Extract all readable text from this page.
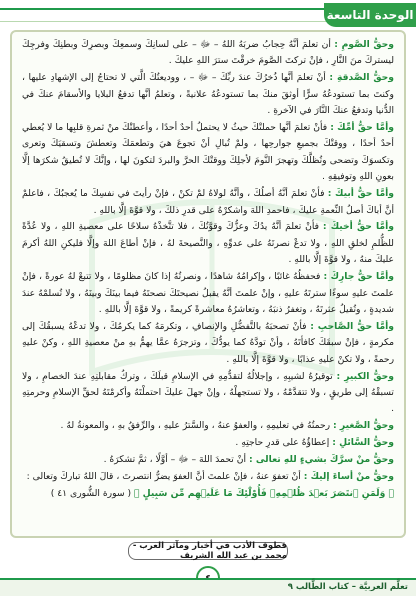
الوحدة التاسعة
وحقُّ الصَّومِ : أن تعلمَ أنَّهُ حِجابُ ضربَهُ اللهُ – ﷻ – على لسانِكَ وسمعِكَ وبصرِكَ وبطنِكَ وفرجِكَ ليستركَ منَ النَّارِ ، فإنْ تركتَ الصَّومَ خرقْتَ سترَ اللهِ عليكَ .
وحقُّ الصَّدقةِ : أنْ تعلمَ أنَّها ذُخرُكَ عندَ ربِّكَ – ﷻ – ، ووديعتُكَ الَّتي لا تحتاجُ إلى الإشهادِ عليها ، وكنتَ بما تستودعُهُ سرًّا أوثقَ منكَ بما تستودعُهُ علانيةً ، وتعلمُ أنَّها تدفعُ البلايا والأسقامَ عنكَ في الدُّنيا وتدفعُ عنكَ النَّارَ في الآخرةِ .
وأمَّا حقُّ أمِّكَ : فأنْ تعلمَ أنَّها حملتْكَ حيثُ لا يحتملُ أحدٌ أحدًا ، وأعطتْكَ منْ ثمرةِ قلبِها ما لا يُعطي أحدٌ أحدًا ، ووقتْكَ بجميعِ جوارحِها ، ولمْ تُبالِ أنْ تجوعَ هيَ وتطعمَكَ وتعطشَ وتسقيَكَ وتعرى وتكسوَكَ وتضحى وتُظلَّكَ وتهجرَ النَّومَ لأجلِكَ ووقتْكَ الحرَّ والبردَ لتكونَ لها ، وإنَّكَ لا تُطيقُ شكرَها إلَّا بعونِ اللهِ وتوفيقِهِ .
وأمَّا حقُّ أبيكَ : فأنْ تعلمَ أنَّهُ أصلُكَ ، وأنَّهُ لولاهُ لمْ تكنْ ، فإنْ رأيتَ في نفسِكَ ما يُعجبُكَ ، فاعلمْ أنَّ أباكَ أصلُ النِّعمةِ عليكَ ، فاحمدِ اللهَ واشكرْهُ على قدرِ ذلكَ ، ولا قوَّةَ إلَّا باللهِ .
وأمَّا حقُّ أخيكَ : فأنْ تعلمَ أنَّهُ يدُكَ وعزُّكَ وقوَّتُكَ ، فلا تتَّخذْهُ سلاحًا على معصيةِ اللهِ ، ولا عُدَّةً للظُّلمِ لخلقِ اللهِ ، ولا تدعْ نصرتَهُ على عدوِّهِ ، والنَّصيحةَ لهُ ، فإنْ أطاعَ اللهَ وإلَّا فليكنِ اللهُ أكرمَ عليكَ منهُ ، ولا قوَّةَ إلَّا باللهِ .
وأمَّا حقُّ جارِكَ : فحفظُهُ غائبًا ، وإكرامُهُ شاهدًا ، ونصرتُهُ إذا كانَ مظلومًا ، ولا تتبعْ لهُ عورةً ، فإنْ علمتَ عليهِ سوءًا سترتَهُ عليهِ ، وإنْ علمتَ أنَّهُ يقبلُ نصيحتَكَ نصحتَهُ فيما بينَكَ وبينَهُ ، ولا تُسلمْهُ عندَ شديدةٍ ، وتُقيلُ عثرتَهُ ، وتغفرُ ذنبَهُ ، وتعاشرُهُ معاشرةً كريمةً ، ولا قوَّةَ إلَّا باللهِ .
وأمَّا حقُّ الصَّاحبِ : فأنْ تصحبَهُ بالتَّفضُّلِ والإنصافِ ، وتكرمَهُ كما يكرمُكَ ، ولا تدعْهُ يسبقُكَ إلى مكرمةٍ ، فإنْ سبقَكَ كافأتَهُ ، وأنْ تودَّهُ كما يودُّكَ ، وتزجرَهُ عمَّا يهمُّ بهِ منْ معصيةِ اللهِ ، وكنْ عليهِ رحمةً ، ولا تكنْ عليهِ عذابًا ، ولا قوَّةَ إلَّا باللهِ .
وحقُّ الكبيرِ : توقيرُهُ لشيبِهِ ، وإجلالُهُ لتقدُّمِهِ في الإسلامِ قبلَكَ ، وتركُ مقابلتِهِ عندَ الخصامِ ، ولا تسبقْهُ إلى طريقٍ ، ولا تتقدَّمْهُ ، ولا تستجهلْهُ ، وإنْ جهلَ عليكَ احتملْتَهُ وأكرمْتَهُ لحقِّ الإسلامِ وحرمتِهِ .
وحقُّ الصَّغيرِ : رحمتُهُ في تعليمِهِ ، والعفوُ عنهُ ، والسَّترُ عليهِ ، والرِّفقُ بهِ ، والمعونةُ لهُ .
وحقُّ السَّائلِ : إعطاؤُهُ على قدرِ حاجتِهِ .
وحقُّ منْ سرَّكَ بشيءٍ للهِ تعالى : أنْ تحمدَ اللهَ – ﷻ – أوَّلًا ، ثمَّ تشكرَهُ .
وحقُّ منْ أساءَ إليكَ : أنْ تعفوَ عنهُ ، فإنْ علمتَ أنَّ العفوَ يضرُّ انتصرتَ ، قالَ اللهُ تباركَ وتعالى :
﴿ وَلَمَنِ ٱنتَصَرَ بَعۡدَ ظُلۡمِهِۦ فَأُوْلَٰٓئِكَ مَا عَلَيۡهِم مِّن سَبِيلٍ ﴾ ( سورة الشُّورى ٤١ )
قطوف الأدب في أخبار ومآثر العرب - محمد بن عبد الله الشريف
تعلَّم العربيَّة – كتاب الطَّالب ٩
